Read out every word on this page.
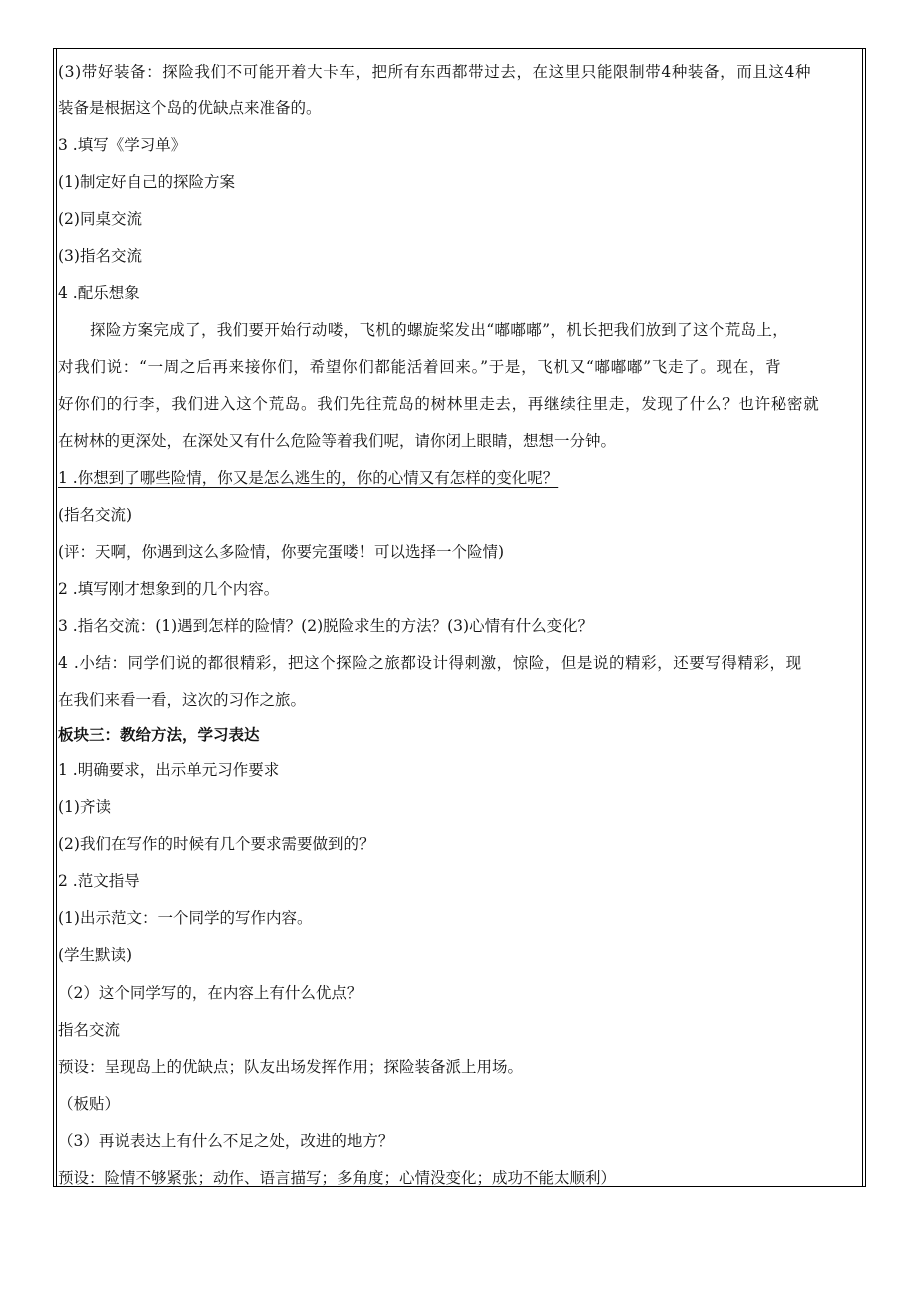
(3)带好装备：探险我们不可能开着大卡车，把所有东西都带过去，在这里只能限制带4种装备，而且这4种
装备是根据这个岛的优缺点来准备的。
3 .填写《学习单》
(1)制定好自己的探险方案
(2)同桌交流
(3)指名交流
4 .配乐想象
探险方案完成了，我们要开始行动喽，飞机的螺旋桨发出“嘟嘟嘟”，机长把我们放到了这个荒岛上，
对我们说：“一周之后再来接你们，希望你们都能活着回来。”于是，飞机又“嘟嘟嘟”飞走了。现在，背
好你们的行李，我们进入这个荒岛。我们先往荒岛的树林里走去，再继续往里走，发现了什么？也许秘密就
在树林的更深处，在深处又有什么危险等着我们呢，请你闭上眼睛，想想一分钟。
1 .你想到了哪些险情，你又是怎么逃生的，你的心情又有怎样的变化呢？
(指名交流)
(评：天啊，你遇到这么多险情，你要完蛋喽！可以选择一个险情)
2 .填写刚才想象到的几个内容。
3 .指名交流：(1)遇到怎样的险情？(2)脱险求生的方法？(3)心情有什么变化？
4 .小结：同学们说的都很精彩，把这个探险之旅都设计得刺激，惊险，但是说的精彩，还要写得精彩，现
在我们来看一看，这次的习作之旅。
板块三：教给方法，学习表达
1 .明确要求，出示单元习作要求
(1)齐读
(2)我们在写作的时候有几个要求需要做到的？
2 .范文指导
(1)出示范文：一个同学的写作内容。
(学生默读)
（2）这个同学写的，在内容上有什么优点？
指名交流
预设：呈现岛上的优缺点；队友出场发挥作用；探险装备派上用场。
（板贴）
（3）再说表达上有什么不足之处，改进的地方？
预设：险情不够紧张；动作、语言描写；多角度；心情没变化；成功不能太顺利）
